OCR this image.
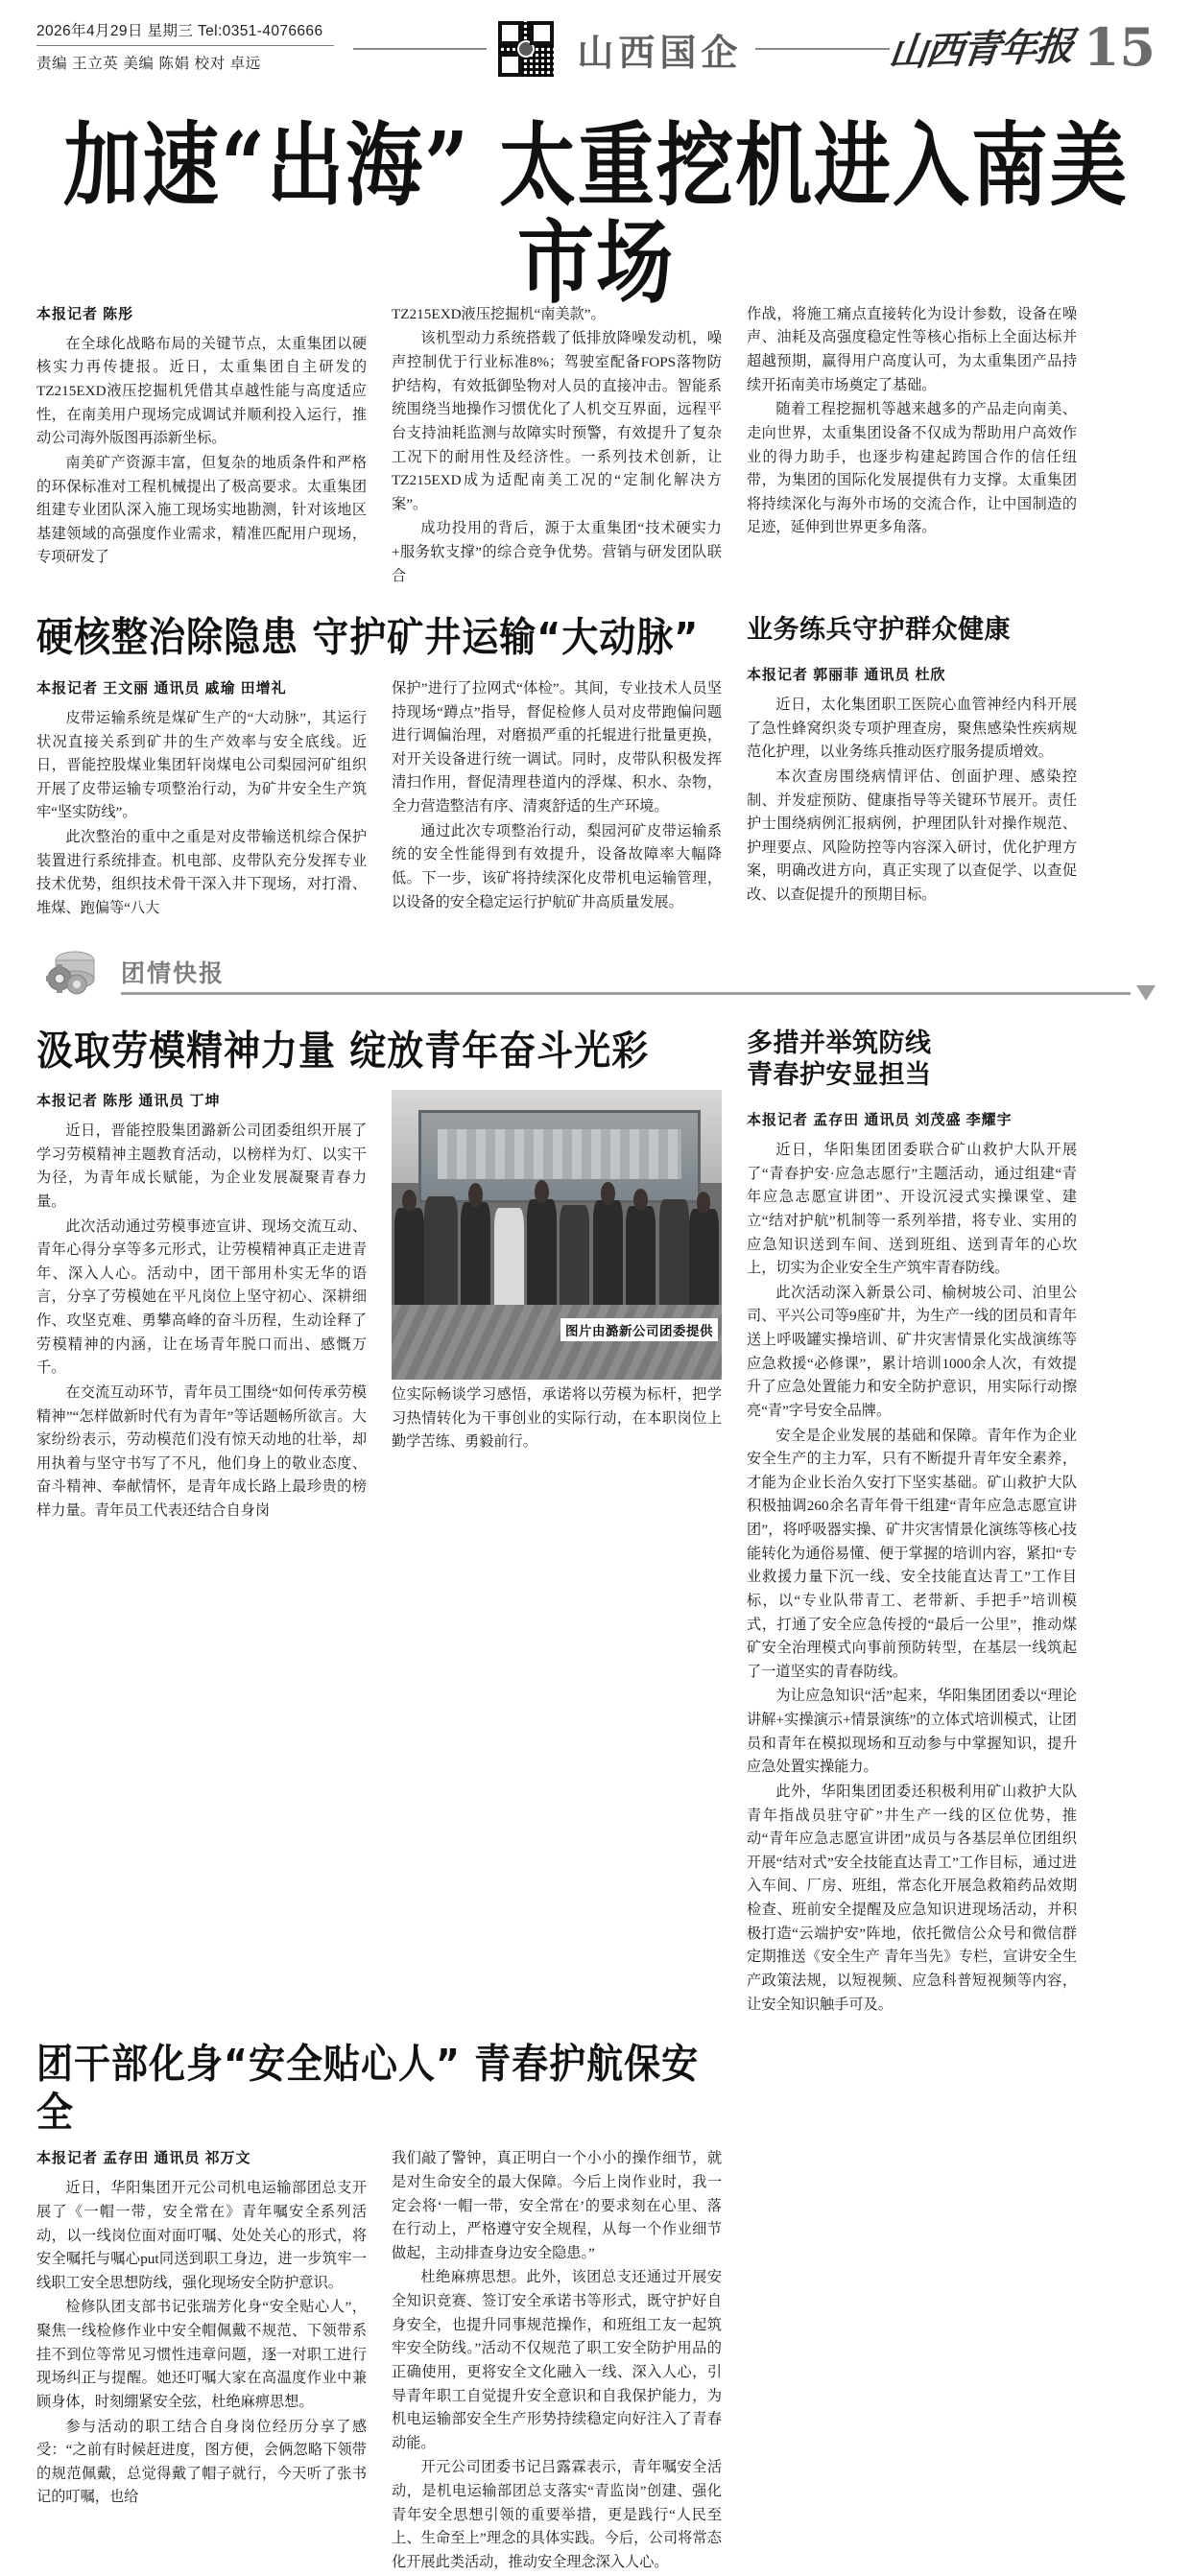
2026年4月29日 星期三 Tel:0351-4076666
责编 王立英 美编 陈娟 校对 卓远	山西国企	山西青年报 15
加速“出海” 太重挖机进入南美市场
本报记者 陈彤

在全球化战略布局的关键节点，太重集团以硬核实力再传捷报。近日，太重集团自主研发的TZ215EXD液压挖掘机凭借其卓越性能与高度适应性，在南美用户现场完成调试并顺利投入运行，推动公司海外版图再添新坐标。

南美矿产资源丰富，但复杂的地质条件和严格的环保标准对工程机械提出了极高要求。太重集团组建专业团队深入施工现场实地勘测，针对该地区基建领域的高强度作业需求，精准匹配用户现场，专项研发了

TZ215EXD液压挖掘机“南美款”。

该机型动力系统搭载了低排放降噪发动机，噪声控制优于行业标准8%；驾驶室配备FOPS落物防护结构，有效抵御坠物对人员的直接冲击。智能系统围绕当地操作习惯优化了人机交互界面，远程平台支持油耗监测与故障实时预警，有效提升了复杂工况下的耐用性及经济性。一系列技术创新，让TZ215EXD成为适配南美工况的“定制化解决方案”。

成功投用的背后，源于太重集团“技术硬实力+服务软支撑”的综合竞争优势。营销与研发团队联合

作战，将施工痛点直接转化为设计参数，设备在噪声、油耗及高强度稳定性等核心指标上全面达标并超越预期，赢得用户高度认可，为太重集团产品持续开拓南美市场奠定了基础。

随着工程挖掘机等越来越多的产品走向南美、走向世界，太重集团设备不仅成为帮助用户高效作业的得力助手，也逐步构建起跨国合作的信任纽带，为集团的国际化发展提供有力支撑。太重集团将持续深化与海外市场的交流合作，让中国制造的足迹，延伸到世界更多角落。

硬核整治除隐患 守护矿井运输“大动脉”
本报记者 王文丽 通讯员 戚瑜 田增礼

皮带运输系统是煤矿生产的“大动脉”，其运行状况直接关系到矿井的生产效率与安全底线。近日，晋能控股煤业集团轩岗煤电公司梨园河矿组织开展了皮带运输专项整治行动，为矿井安全生产筑牢“坚实防线”。

此次整治的重中之重是对皮带输送机综合保护装置进行系统排查。机电部、皮带队充分发挥专业技术优势，组织技术骨干深入井下现场，对打滑、堆煤、跑偏等“八大

保护”进行了拉网式“体检”。其间，专业技术人员坚持现场“蹲点”指导，督促检修人员对皮带跑偏问题进行调偏治理，对磨损严重的托辊进行批量更换，对开关设备进行统一调试。同时，皮带队积极发挥清扫作用，督促清理巷道内的浮煤、积水、杂物，全力营造整洁有序、清爽舒适的生产环境。

通过此次专项整治行动，梨园河矿皮带运输系统的安全性能得到有效提升，设备故障率大幅降低。下一步，该矿将持续深化皮带机电运输管理，以设备的安全稳定运行护航矿井高质量发展。

业务练兵守护群众健康
本报记者 郭丽菲 通讯员 杜欣

近日，太化集团职工医院心血管神经内科开展了急性蜂窝织炎专项护理查房，聚焦感染性疾病规范化护理，以业务练兵推动医疗服务提质增效。

本次查房围绕病情评估、创面护理、感染控制、并发症预防、健康指导等关键环节展开。责任护士围绕病例汇报病例，护理团队针对操作规范、护理要点、风险防控等内容深入研讨，优化护理方案，明确改进方向，真正实现了以查促学、以查促改、以查促提升的预期目标。

团情快报
汲取劳模精神力量 绽放青年奋斗光彩
本报记者 陈彤 通讯员 丁坤

近日，晋能控股集团潞新公司团委组织开展了学习劳模精神主题教育活动，以榜样为灯、以实干为径，为青年成长赋能，为企业发展凝聚青春力量。

此次活动通过劳模事迹宣讲、现场交流互动、青年心得分享等多元形式，让劳模精神真正走进青年、深入人心。活动中，团干部用朴实无华的语言，分享了劳模她在平凡岗位上坚守初心、深耕细作、攻坚克难、勇攀高峰的奋斗历程，生动诠释了劳模精神的内涵，让在场青年脱口而出、感慨万千。

在交流互动环节，青年员工围绕“如何传承劳模精神”“怎样做新时代有为青年”等话题畅所欲言。大家纷纷表示，劳动模范们没有惊天动地的壮举，却用执着与坚守书写了不凡，他们身上的敬业态度、奋斗精神、奉献情怀，是青年成长路上最珍贵的榜样力量。青年员工代表还结合自身岗

图片由潞新公司团委提供

位实际畅谈学习感悟，承诺将以劳模为标杆，把学习热情转化为干事创业的实际行动，在本职岗位上勤学苦练、勇毅前行。

多措并举筑防线
青春护安显担当
本报记者 孟存田 通讯员 刘茂盛 李耀宇

近日，华阳集团团委联合矿山救护大队开展了“青春护安·应急志愿行”主题活动，通过组建“青年应急志愿宣讲团”、开设沉浸式实操课堂、建立“结对护航”机制等一系列举措，将专业、实用的应急知识送到车间、送到班组、送到青年的心坎上，切实为企业安全生产筑牢青春防线。

此次活动深入新景公司、榆树坡公司、泊里公司、平兴公司等9座矿井，为生产一线的团员和青年送上呼吸罐实操培训、矿井灾害情景化实战演练等应急救援“必修课”，累计培训1000余人次，有效提升了应急处置能力和安全防护意识，用实际行动擦亮“青”字号安全品牌。

安全是企业发展的基础和保障。青年作为企业安全生产的主力军，只有不断提升青年安全素养，才能为企业长治久安打下坚实基础。矿山救护大队积极抽调260余名青年骨干组建“青年应急志愿宣讲团”，将呼吸器实操、矿井灾害情景化演练等核心技能转化为通俗易懂、便于掌握的培训内容，紧扣“专业救援力量下沉一线、安全技能直达青工”工作目标，以“专业队带青工、老带新、手把手”培训模式，打通了安全应急传授的“最后一公里”，推动煤矿安全治理模式向事前预防转型，在基层一线筑起了一道坚实的青春防线。

为让应急知识“活”起来，华阳集团团委以“理论讲解+实操演示+情景演练”的立体式培训模式，让团员和青年在模拟现场和互动参与中掌握知识，提升应急处置实操能力。

此外，华阳集团团委还积极利用矿山救护大队青年指战员驻守矿”井生产一线的区位优势，推动“青年应急志愿宣讲团”成员与各基层单位团组织开展“结对式”安全技能直达青工”工作目标，通过进入车间、厂房、班组，常态化开展急救箱药品效期检查、班前安全提醒及应急知识进现场活动，并积极打造“云端护安”阵地，依托微信公众号和微信群定期推送《安全生产 青年当先》专栏，宣讲安全生产政策法规，以短视频、应急科普短视频等内容，让安全知识触手可及。

团干部化身“安全贴心人” 青春护航保安全
本报记者 孟存田 通讯员 祁万文

近日，华阳集团开元公司机电运输部团总支开展了《一帽一带，安全常在》青年嘱安全系列活动，以一线岗位面对面叮嘱、处处关心的形式，将安全嘱托与嘱心put同送到职工身边，进一步筑牢一线职工安全思想防线，强化现场安全防护意识。

检修队团支部书记张瑞芳化身“安全贴心人”，聚焦一线检修作业中安全帽佩戴不规范、下领带系挂不到位等常见习惯性违章问题，逐一对职工进行现场纠正与提醒。她还叮嘱大家在高温度作业中兼顾身体，时刻绷紧安全弦，杜绝麻痹思想。

参与活动的职工结合自身岗位经历分享了感受：“之前有时候赶进度，图方便，会俩忽略下领带的规范佩戴，总觉得戴了帽子就行，今天听了张书记的叮嘱，也给

我们敲了警钟，真正明白一个小小的操作细节，就是对生命安全的最大保障。今后上岗作业时，我一定会将‘一帽一带，安全常在’的要求刻在心里、落在行动上，严格遵守安全规程，从每一个作业细节做起，主动排查身边安全隐患。”

杜绝麻痹思想。此外，该团总支还通过开展安全知识竞赛、签订安全承诺书等形式，既守护好自身安全，也提升同事规范操作，和班组工友一起筑牢安全防线。”活动不仅规范了职工安全防护用品的正确使用，更将安全文化融入一线、深入人心，引导青年职工自觉提升安全意识和自我保护能力，为机电运输部安全生产形势持续稳定向好注入了青春动能。

开元公司团委书记吕露霖表示，青年嘱安全活动，是机电运输部团总支落实“青监岗”创建、强化青年安全思想引领的重要举措，更是践行“人民至上、生命至上”理念的具体实践。今后，公司将常态化开展此类活动，推动安全理念深入人心。
